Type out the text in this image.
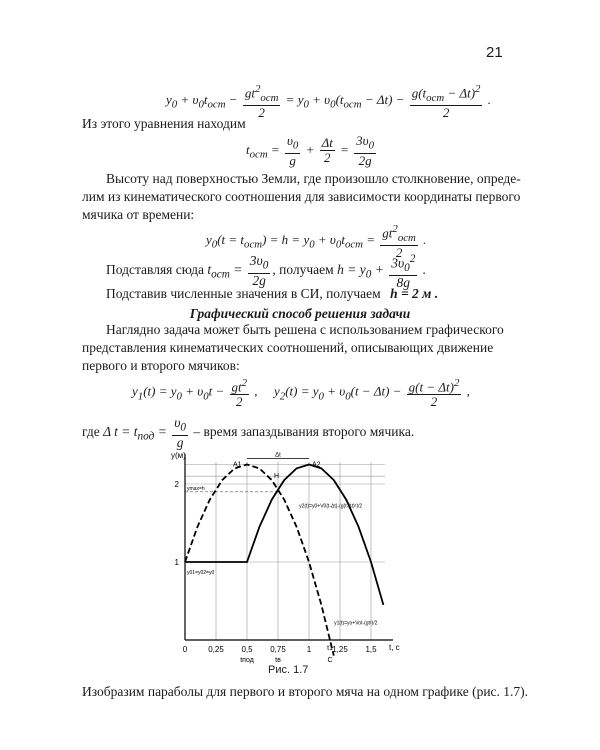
21
$y_0 + \upsilon_0t_{ост} - \frac{gt^2_{ост}}{2} = y_0 + \upsilon_0(t_{ост} - \Delta t) - \frac{g(t_{ост} - \Delta t)^2}{2}$ .
Из этого уравнения находим
$t_{ост} = \frac{\upsilon_0}{g} + \frac{\Delta t}{2} = \frac{3\upsilon_0}{2g}$
Высоту над поверхностью Земли, где произошло столкновение, опреде-
лим из кинематического соотношения для зависимости координаты первого
мячика от времени:
$y_0(t = t_{ост}) = h = y_0 + \upsilon_0t_{ост} = \frac{gt^2_{ост}}{2}$ .
Подставляя сюда $t_{ост} = \frac{3\upsilon_0}{2g}$ , получаем $h = y_0 + \frac{3\upsilon_0^2}{8g}$ .
Подставив численные значения в СИ, получаем h = 2 м .
Графический способ решения задачи
Наглядно задача может быть решена с использованием графического
представления кинематических соотношений, описывающих движение
первого и второго мячиков:
$y_1(t) = y_0 + \upsilon_0t - \frac{gt^2}{2}$ , $y_2(t) = y_0 + \upsilon_0(t - \Delta t) - \frac{g(t - \Delta t)^2}{2}$ ,
где Δ $t = t_{под} = \frac{\upsilon_0}{g}$ – время запаздывания второго мячика.
0	0,25 0,5 0,75	1	1,25 1,5
1
2
y(м)
t, c
tпод	tв
t1
C
A1	A2
H
Δt
ymax=h
y01=y02=y0
y1(t)=yo+Vot-(gt²)/2
y2(t)=y0+V0(t-Δt)-(g(t-Δt)²)/2
Рис. 1.7
Изобразим параболы для первого и второго мяча на одном графике (рис. 1.7).
